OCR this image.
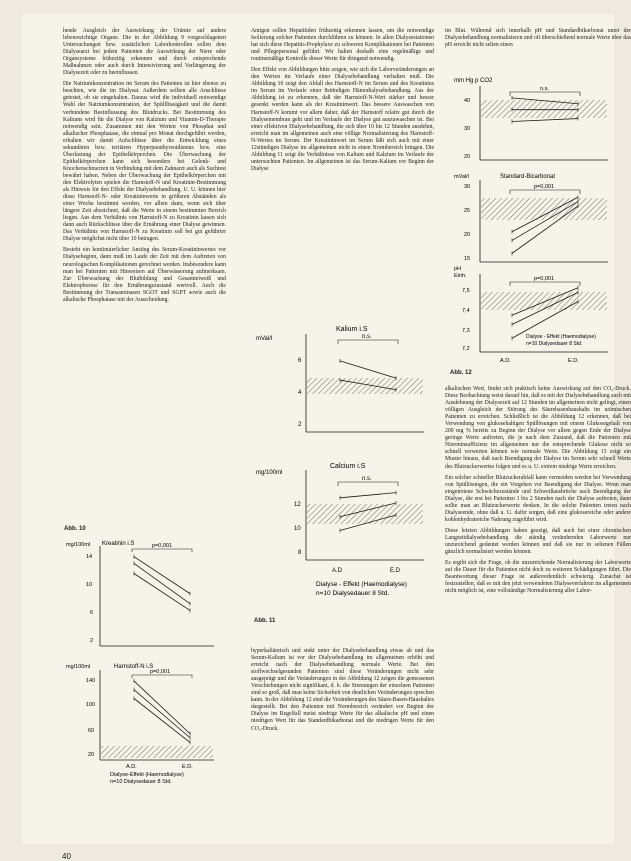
hende Ausgleich der Auswirkung der Urämie auf andere lebenswichtige Organe. Die in der Abbildung 9 vorgeschlagenen Untersuchungen bzw. zusätzlichen Laborkontrollen sollen dem Dialysearzt bei jedem Patienten die Auswirkung der Niere oder Organsysteme frühzeitig erkennen und durch entsprechende Maßnahmen oder auch durch Intensivierung und Verlängerung der Dialysezeit oder zu beeinflussen.

Die Natriumkonzentration im Serum des Patienten ist hier ebenso zu beachten, wie die im Dialysat. Außerdem sollten alle Anschlüsse getestet, ob sie eingehalten. Daraus wird die individuell notwendige Wahl der Natriumkonzentration, der Spülflüssigkeit und die damit verbundene Beeinflussung des Blutdrucks. Bei Bestimmung des Kaliums wird für die Dialyse von Kalzium und Vitamin-D-Therapie notwendig sein. Zusammen mit den Werten von Phosphat und alkalischer Phosphatase, die einmal pro Monat durchgeführt werden, erhalten wir damit Aufschlüsse über die Entwicklung eines sekundären bzw. tertiären Hyperparathyreoidismus bzw. eine Überlastung der Epithelkörperchen. Die Überwachung der Epithelkörperchen kann sich besonders bei Gelenk- und Knochenschmerzen in Verbindung mit dem Zahnarzt auch als Suchtest bewährt haben. Neben der Überwachung der Epithelkörperchen mit den Elektrolyten spielen die Harnstoff-N und Kreatinin-Bestimmung als Hinweis für den Effekt der Dialysebehandlung. U. U. können hier diese Harnstoff-N- oder Kreatininwerte in größeren Abständen als einer Woche bestimmt werden, vor allem dann, wenn sich über längere Zeit abzeichnet, daß die Werte in einem bestimmten Bereich liegen. Aus dem Verhältnis von Harnstoff-N zu Kreatinin lassen sich dann auch Rückschlüsse über die Ernährung einer Dialyse gewinnen. Das Verhältnis von Harnstoff-N zu Kreatinin soll bei gut geführter Dialyse möglichst nicht über 10 betragen.

Besteht ein kontinuierlicher Anstieg des Serum-Kreatininwertes vor Dialysebeginn, dann muß im Laufe der Zeit mit dem Auftreten von neurologischen Komplikationen gerechnet werden. Insbesondere kann man bei Patienten mit Hinweisen auf Überwässerung aufmerksam. Zur Überwachung der Blutbildung und Gesamteiweiß und Elektrophorese für den Ernährungszustand wertvoll. Auch die Bestimmung der Transaminasen SGOT und SGPT sowie auch die alkalische Phosphatase mit der Ausscheidung.

Antigen sollen Hepatitiden frühzeitig erkennen lassen, um die notwendige Isolierung solcher Patienten durchführen zu können. In allen Dialysestationen hat sich diese Hepatitis-Prophylaxe zu schweren Komplikationen bei Patienten und Pflegepersonal geführt. Wir halten deshalb eine regelmäßige und routinemäßige Kontrolle dieser Werte für dringend notwendig.

Den Effekt von Abbildungen bitte zeigen, wie sich die Laborveränderungen an den Werten im Verlaufe einer Dialysebehandlung verhalten muß. Die Abbildung 10 zeigt den Abfall des Harnstoff-N im Serum und des Kreatinins im Serum im Verlaufe einer 8stündigen Hämodialysebehandlung. Aus der Abbildung ist zu erkennen, daß der Harnstoff-N-Wert stärker und besser gesenkt werden kann als der Kreatininwert. Das bessere Auswaschen von Harnstoff-N kommt vor allem daher, daß der Harnstoff relativ gut durch die Dialysemembran geht und im Verlaufe der Dialyse gut auszuwaschen ist. Bei einer effektiven Dialysebehandlung, die sich über 10 bis 12 Stunden ausdehnt, erreicht man im allgemeinen auch eine völlige Normalisierung des Harnstoff-N-Wertes im Serum. Der Kreatininwert im Serum läßt sich auch mit einer 12stündigen Dialyse im allgemeinen nicht in einen Normbereich bringen. Die Abbildung 11 zeigt die Verhältnisse von Kalium und Kalzium im Verlaufe der untersuchten Patienten. Im allgemeinen ist das Serum-Kalium vor Beginn der Dialyse

hyperkaliämisch und sinkt unter der Dialysebehandlung etwas ab und das Serum-Kalium ist vor der Dialysebehandlung im allgemeinen erhöht und erreicht nach der Dialysebehandlung normale Werte. Bei den stoffwechselgesunden Patienten sind diese Veränderungen nicht sehr ausgeprägt und die Veränderungen in der Abbildung 12 zeigen die gemessenen Verschiebungen nicht signifikant, d. h. die Streuungen der einzelnen Patienten sind so groß, daß man keine Sicherheit von deutlichen Veränderungen sprechen kann. In der Abbildung 12 sind die Veränderungen des Säure-Basen-Haushaltes dargestellt. Bei den Patienten mit Normbereich verändert vor Beginn der Dialyse im Regelfall meist niedrige Werte für das alkalische pH und einen niedrigen Wert für das Standardbikarbonat und die niedrigen Werte für den CO₂-Druck.

im Blut. Während sich innerhalb pH und Standardbikarbonat unter der Dialysebehandlung normalisieren und oft überschießend normale Werte über das pH erreicht nicht selten einen

alkalischen Wert, findet sich praktisch keine Auswirkung auf den CO₂-Druck. Diese Beobachtung weist darauf hin, daß es mit der Dialysebehandlung auch mit Ausdehnung der Dialysezeit auf 12 Stunden im allgemeinen nicht gelingt, einen völligen Ausgleich der Störung des Säurebasenhaushalts im urämischen Patienten zu erreichen. Schließlich ist die Abbildung 12 erkennen, daß bei Verwendung von glukosehaltigen Spüllösungen mit einem Glukosegehalt von 200 mg % bereits zu Beginn der Dialyse vor allem gegen Ende der Dialyse geringe Werte auftreten, die je nach dem Zustand, daß die Patienten mit Niereninsuffizienz im allgemeinen nur die entsprechende Glukose nicht so schnell verwerten können wie normale Werte. Die Abbildung 13 zeigt ein Muster hinaus, daß nach Beendigung der Dialyse im Serum sehr schnell Werte des Blutzuckerwertes folgen und es u. U. extrem niedrige Werte erreichen.

Ein solcher schneller Blutzuckerabfall kann vermeiden werden bei Verwendung von Spüllösungen, die ein Vorgehen vor Beendigung der Dialyse. Wenn man eingetretene Schwächezustände und Schweißausbrüche nach Beendigung der Dialyse, die erst bei Patienten 1 bis 2 Stunden nach der Dialyse auftreten, dann sollte man an Blutzuckerwerte denken. In die solche Patienten treten nach Dialyseende, ohne daß u. U. dafür sorgen, daß eine glukosereiche oder andere kohlenhydratreiche Nahrung zugeführt wird.

Diese letzten Abbildungen haben gezeigt, daß auch bei einer chronischen Langzeitdialysebehandlung die ständig verändernden Laborwerte nur unzureichend gedeutet werden können und daß sie nur in seltenen Fällen gänzlich normalisiert werden können.

Es ergibt sich die Frage, ob die unzureichende Normalisierung der Laborwerte auf die Dauer für die Patienten nicht doch zu weiteren Schädigungen führt. Die Beantwortung dieser Frage ist außerordentlich schwierig. Zunächst ist festzustellen, daß es mit den jetzt verwendeten Dialyseverfahren im allgemeinen nicht möglich ist, eine vollständige Normalisierung aller Labor-

Abb. 10
mg/100ml Kreatinin i.S
14
10
6
2
p=0,001
mg/100ml	Harnstoff-N i.S
140
100
60
20
p=0,001
A.D.	E.D.
Dialyse-Effekt (Haemodialyse)
n=10 Dialysedauer 8 Std.
mVal/l
Kalium i.S
6
4
2
n.s.
mg/100ml
Calcium i.S
12
10
8
n.s.
A.D	E.D
Dialyse - Effekt (Haemodialyse)
n=10 Dialysedauer 8 Std.
Abb. 11
mm Hg p CO2
40
30
20
n.s.
mVal/l	Standard-Bicarbonat
30
25
20
15
p=0,001
pH
Einh.
7,5
7,4
7,3
7,2
p=0,001
Dialyse - Effekt (Haemodialyse)
n=10 Dialysedauer 8 Std.
A.D.	E.D.
Abb. 12
40
